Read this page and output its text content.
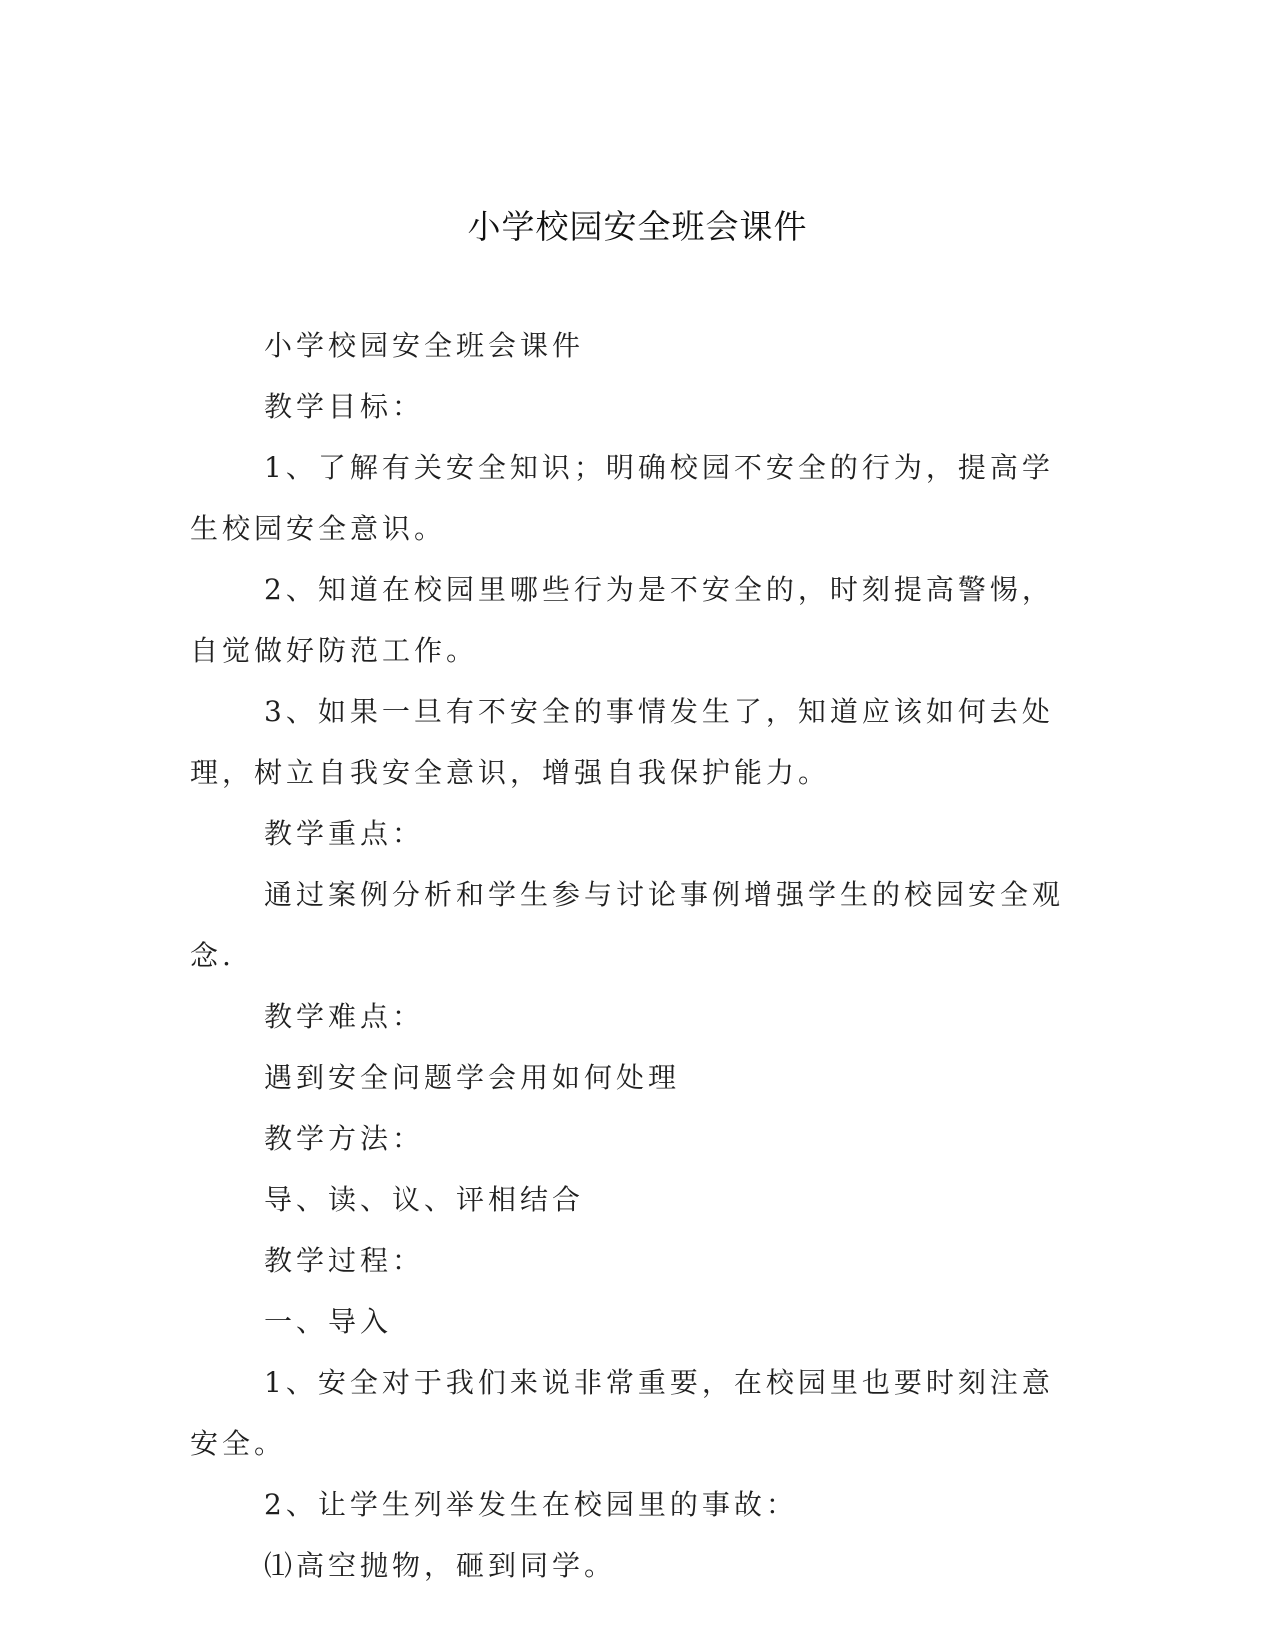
小学校园安全班会课件

小学校园安全班会课件

教学目标：

1、了解有关安全知识；明确校园不安全的行为，提高学生校园安全意识。

2、知道在校园里哪些行为是不安全的，时刻提高警惕，自觉做好防范工作。

3、如果一旦有不安全的事情发生了，知道应该如何去处理，树立自我安全意识，增强自我保护能力。

教学重点：

通过案例分析和学生参与讨论事例增强学生的校园安全观念.

教学难点：

遇到安全问题学会用如何处理

教学方法：

导、读、议、评相结合

教学过程：

一、导入

1、安全对于我们来说非常重要，在校园里也要时刻注意安全。

2、让学生列举发生在校园里的事故：

⑴高空抛物，砸到同学。
